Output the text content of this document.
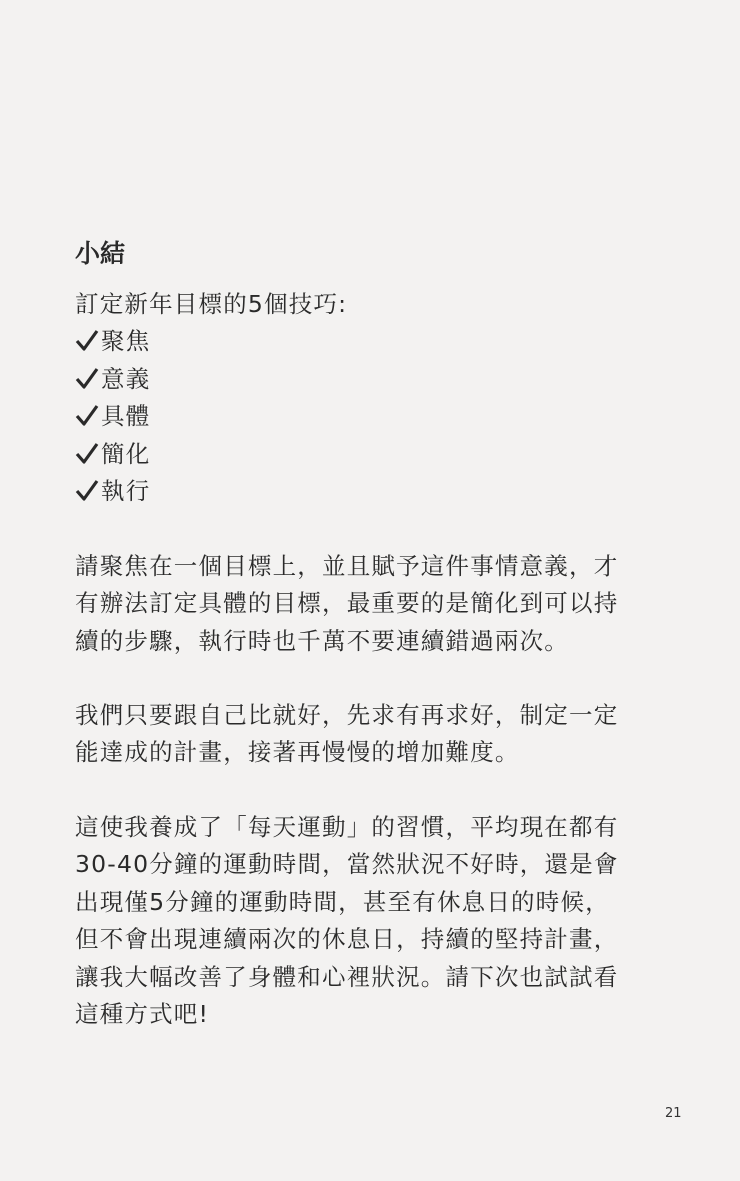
小結
訂定新年目標的5個技巧:
聚焦
意義
具體
簡化
執行
請聚焦在一個目標上，並且賦予這件事情意義，才
有辦法訂定具體的目標，最重要的是簡化到可以持
續的步驟，執行時也千萬不要連續錯過兩次。
我們只要跟自己比就好，先求有再求好，制定一定
能達成的計畫，接著再慢慢的增加難度。
這使我養成了「每天運動」的習慣，平均現在都有
30-40分鐘的運動時間，當然狀況不好時，還是會
出現僅5分鐘的運動時間，甚至有休息日的時候，
但不會出現連續兩次的休息日，持續的堅持計畫，
讓我大幅改善了身體和心裡狀況。請下次也試試看
這種方式吧!
21
